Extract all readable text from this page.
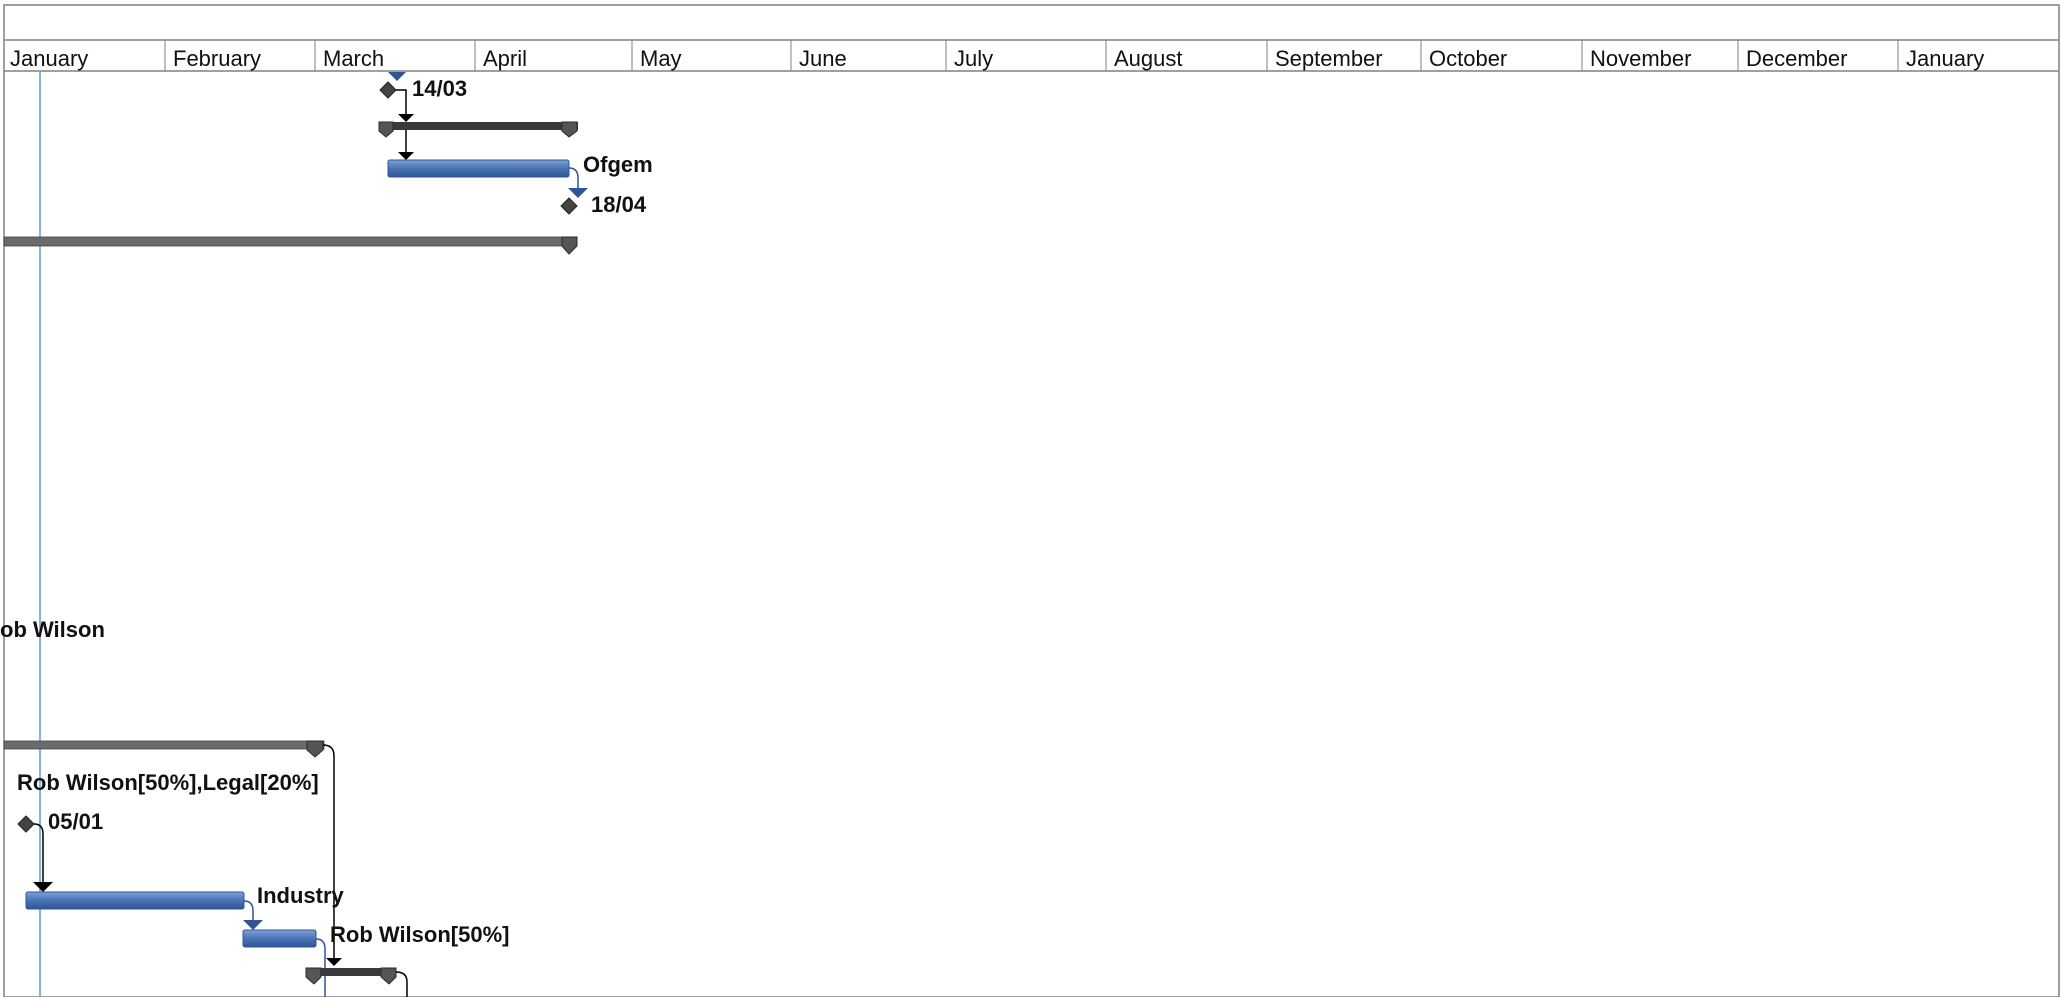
January	February	March	April	May	June	July	August	September October	November December	January
14/03
Ofgem
18/04
ob Wilson
Rob Wilson[50%],Legal[20%]
05/01
Industry
Rob Wilson[50%]
